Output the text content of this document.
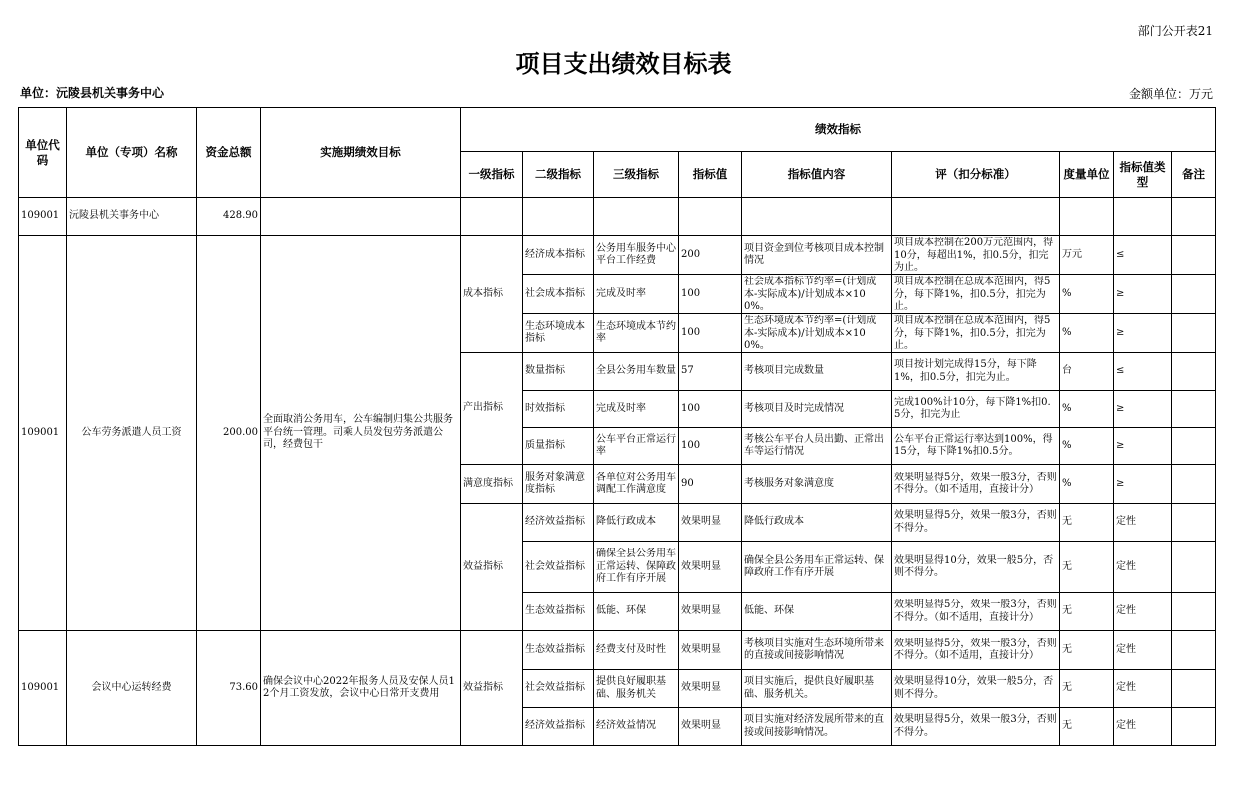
部门公开表21
项目支出绩效目标表
单位：沅陵县机关事务中心	金额单位：万元
单位代码	单位（专项）名称	资金总额	实施期绩效目标	绩效指标								
				一级指标	二级指标	三级指标	指标值	指标值内容	评（扣分标准）	度量单位	指标值类型	备注
109001	沅陵县机关事务中心	428.90										
109001	公车劳务派遣人员工资	200.00	全面取消公务用车，公车编制归集公共服务平台统一管理。司乘人员发包劳务派遣公司，经费包干	成本指标	经济成本指标	公务用车服务中心平台工作经费	200	项目资金到位考核项目成本控制情况	项目成本控制在200万元范围内，得10分，每超出1%，扣0.5分，扣完为止。	万元	≤	
					社会成本指标	完成及时率	100	社会成本指标节约率=(计划成本-实际成本)/计划成本×100%。	项目成本控制在总成本范围内，得5分，每下降1%，扣0.5分，扣完为止。	%	≥	
					生态环境成本指标	生态环境成本节约率	100	生态环境成本节约率=(计划成本-实际成本)/计划成本×100%。	项目成本控制在总成本范围内，得5分，每下降1%，扣0.5分，扣完为止。	%	≥	
				产出指标	数量指标	全县公务用车数量	57	考核项目完成数量	项目按计划完成得15分，每下降1%，扣0.5分，扣完为止。	台	≤	
					时效指标	完成及时率	100	考核项目及时完成情况	完成100%计10分，每下降1%扣0.5分，扣完为止	%	≥	
					质量指标	公车平台正常运行率	100	考核公车平台人员出勤、正常出车等运行情况	公车平台正常运行率达到100%，得15分，每下降1%扣0.5分。	%	≥	
				满意度指标	服务对象满意度指标	各单位对公务用车调配工作满意度	90	考核服务对象满意度	效果明显得5分，效果一般3分，否则不得分。（如不适用，直接计分）	%	≥	
				效益指标	经济效益指标	降低行政成本	效果明显	降低行政成本	效果明显得5分，效果一般3分，否则不得分。	无	定性	
					社会效益指标	确保全县公务用车正常运转、保障政府工作有序开展	效果明显	确保全县公务用车正常运转、保障政府工作有序开展	效果明显得10分，效果一般5分，否则不得分。	无	定性	
					生态效益指标	低能、环保	效果明显	低能、环保	效果明显得5分，效果一般3分，否则不得分。（如不适用，直接计分）	无	定性	
109001	会议中心运转经费	73.60	确保会议中心2022年报务人员及安保人员12个月工资发放，会议中心日常开支费用	效益指标	生态效益指标	经费支付及时性	效果明显	考核项目实施对生态环境所带来的直接或间接影响情况	效果明显得5分，效果一般3分，否则不得分。（如不适用，直接计分）	无	定性	
					社会效益指标	提供良好履职基础、服务机关	效果明显	项目实施后，提供良好履职基础、服务机关。	效果明显得10分，效果一般5分，否则不得分。	无	定性	
					经济效益指标	经济效益情况	效果明显	项目实施对经济发展所带来的直接或间接影响情况。	效果明显得5分，效果一般3分，否则不得分。	无	定性	
